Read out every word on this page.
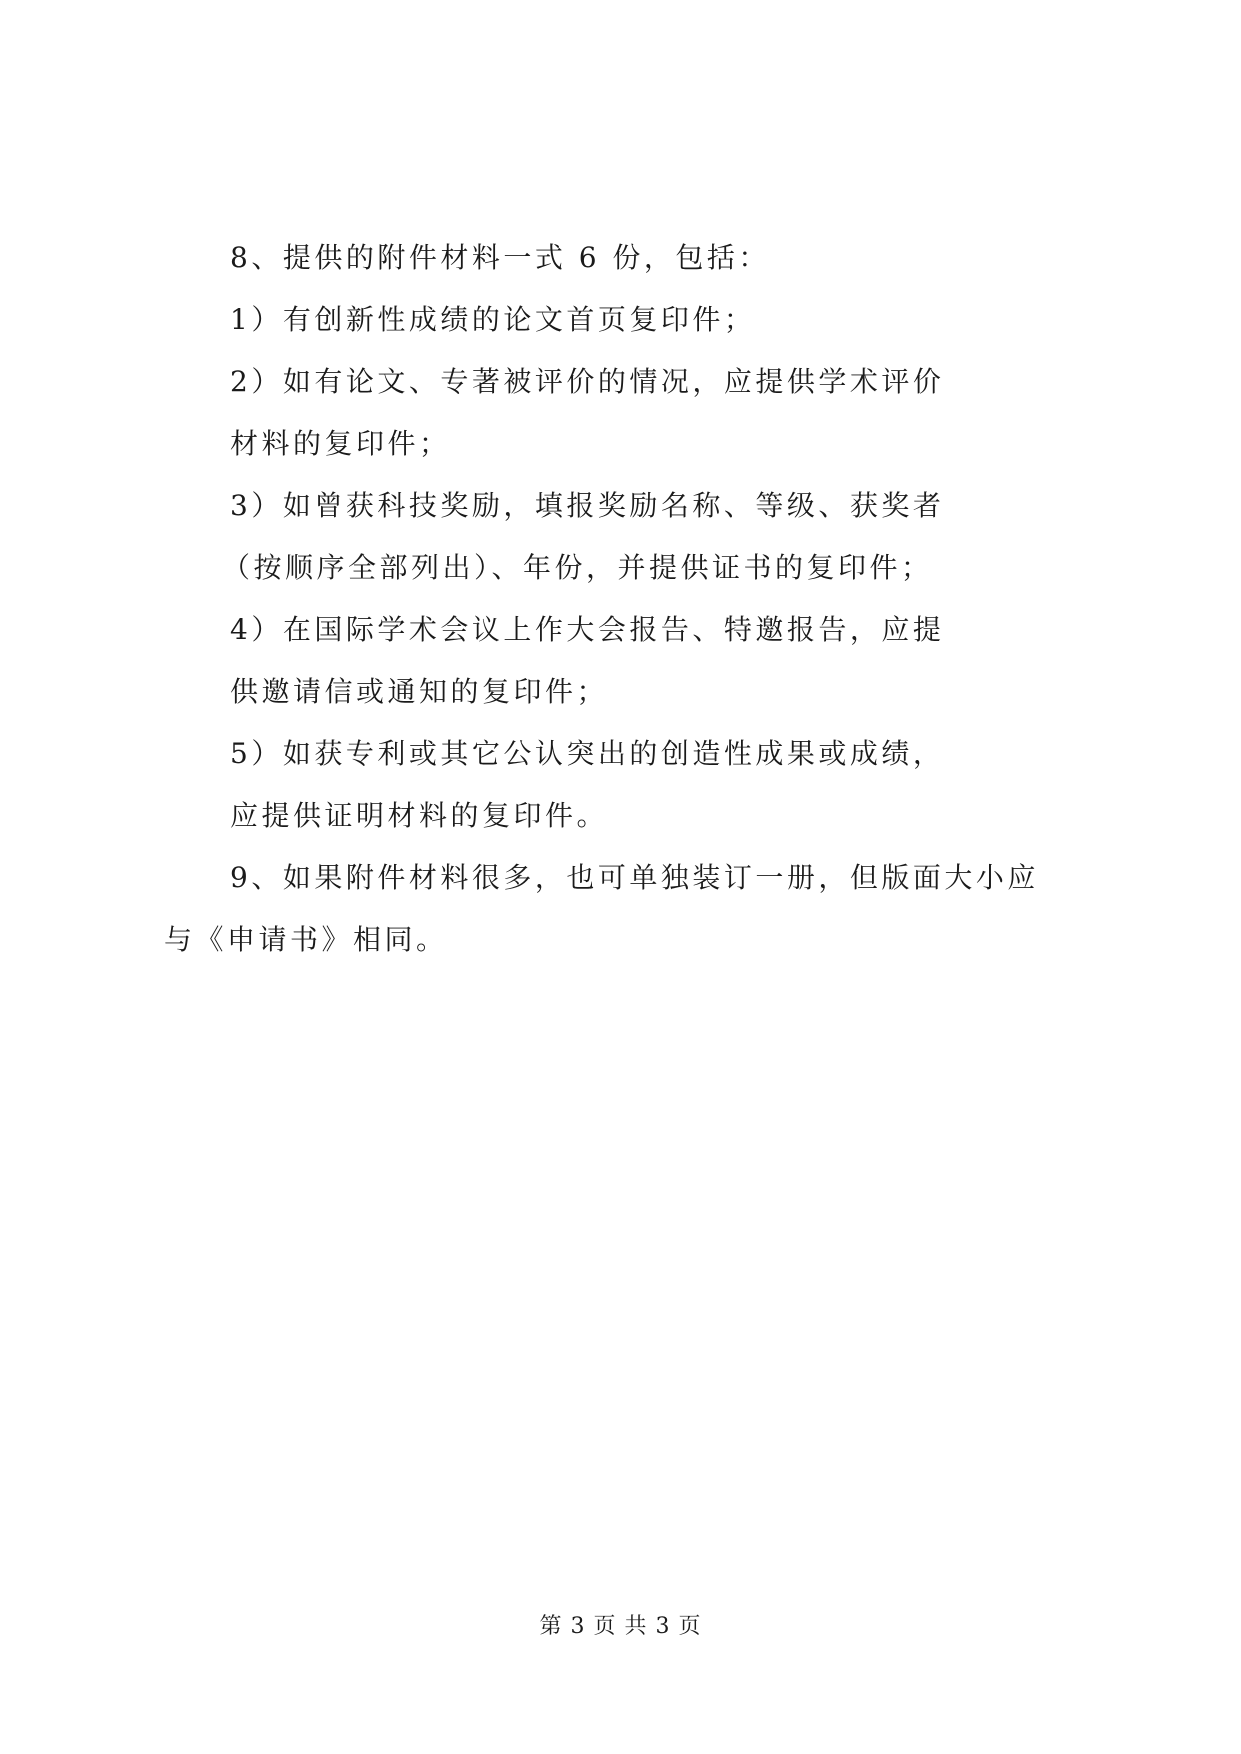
8、提供的附件材料一式 6 份，包括：
1）有创新性成绩的论文首页复印件；
2）如有论文、专著被评价的情况，应提供学术评价
材料的复印件；
3）如曾获科技奖励，填报奖励名称、等级、获奖者
（按顺序全部列出）、年份，并提供证书的复印件；
4）在国际学术会议上作大会报告、特邀报告，应提
供邀请信或通知的复印件；
5）如获专利或其它公认突出的创造性成果或成绩，
应提供证明材料的复印件。
9、如果附件材料很多，也可单独装订一册，但版面大小应
与《申请书》相同。
第 3 页 共 3 页
